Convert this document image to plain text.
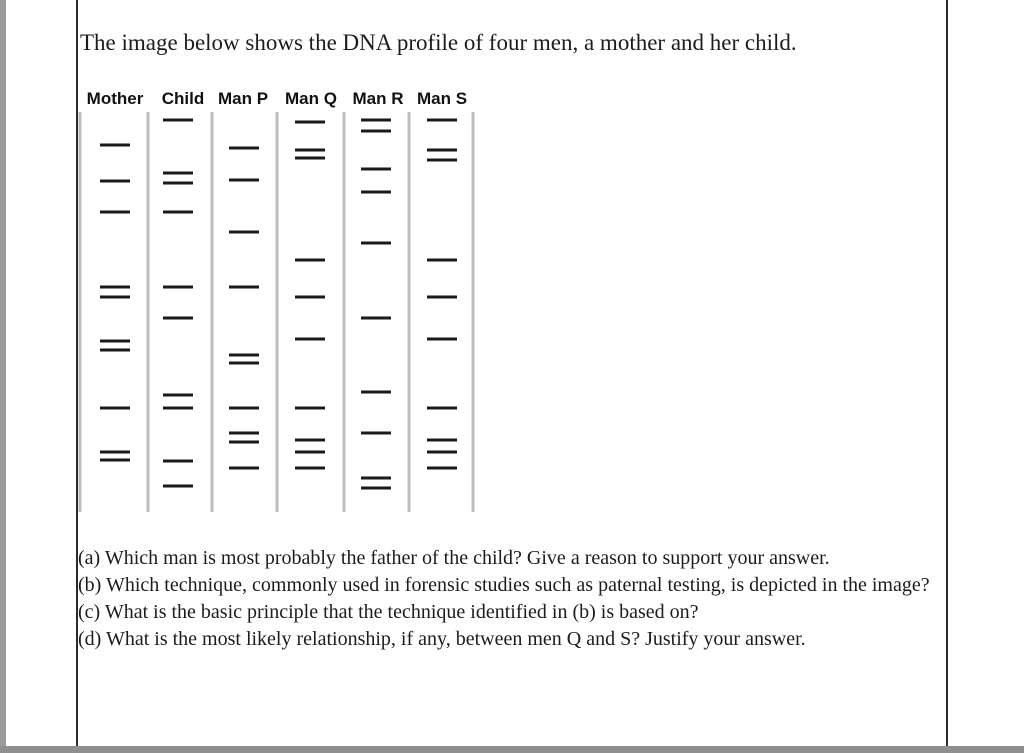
The image below shows the DNA profile of four men, a mother and her child.
Mother Child Man P Man Q Man R Man S

(a) Which man is most probably the father of the child? Give a reason to support your answer.

(b) Which technique, commonly used in forensic studies such as paternal testing, is depicted in the image?

(c) What is the basic principle that the technique identified in (b) is based on?

(d) What is the most likely relationship, if any, between men Q and S? Justify your answer.
